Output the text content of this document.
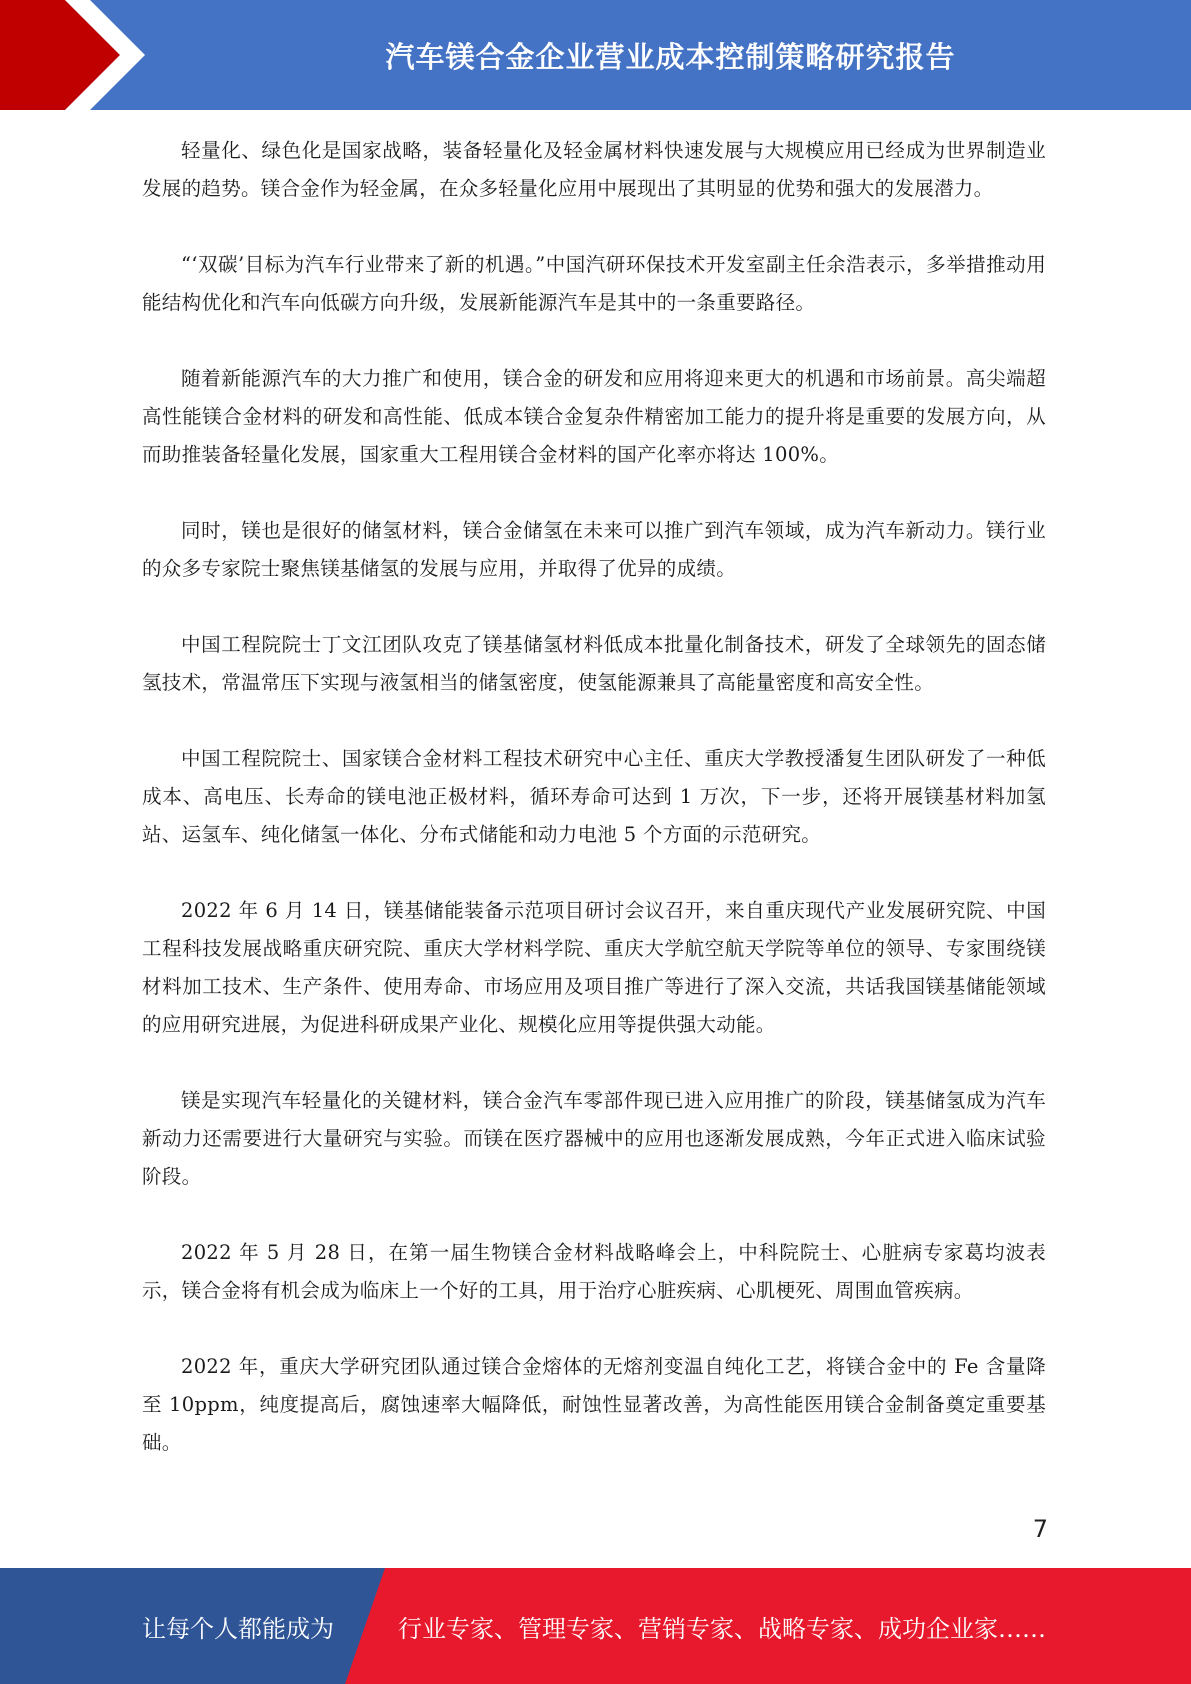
汽车镁合金企业营业成本控制策略研究报告

轻量化、绿色化是国家战略，装备轻量化及轻金属材料快速发展与大规模应用已经成为世界制造业发展的趋势。镁合金作为轻金属，在众多轻量化应用中展现出了其明显的优势和强大的发展潜力。

“‘双碳’目标为汽车行业带来了新的机遇。”中国汽研环保技术开发室副主任余浩表示，多举措推动用能结构优化和汽车向低碳方向升级，发展新能源汽车是其中的一条重要路径。

随着新能源汽车的大力推广和使用，镁合金的研发和应用将迎来更大的机遇和市场前景。高尖端超高性能镁合金材料的研发和高性能、低成本镁合金复杂件精密加工能力的提升将是重要的发展方向，从而助推装备轻量化发展，国家重大工程用镁合金材料的国产化率亦将达 100%。

同时，镁也是很好的储氢材料，镁合金储氢在未来可以推广到汽车领域，成为汽车新动力。镁行业的众多专家院士聚焦镁基储氢的发展与应用，并取得了优异的成绩。

中国工程院院士丁文江团队攻克了镁基储氢材料低成本批量化制备技术，研发了全球领先的固态储氢技术，常温常压下实现与液氢相当的储氢密度，使氢能源兼具了高能量密度和高安全性。

中国工程院院士、国家镁合金材料工程技术研究中心主任、重庆大学教授潘复生团队研发了一种低成本、高电压、长寿命的镁电池正极材料，循环寿命可达到 1 万次，下一步，还将开展镁基材料加氢站、运氢车、纯化储氢一体化、分布式储能和动力电池 5 个方面的示范研究。

2022 年 6 月 14 日，镁基储能装备示范项目研讨会议召开，来自重庆现代产业发展研究院、中国工程科技发展战略重庆研究院、重庆大学材料学院、重庆大学航空航天学院等单位的领导、专家围绕镁材料加工技术、生产条件、使用寿命、市场应用及项目推广等进行了深入交流，共话我国镁基储能领域的应用研究进展，为促进科研成果产业化、规模化应用等提供强大动能。

镁是实现汽车轻量化的关键材料，镁合金汽车零部件现已进入应用推广的阶段，镁基储氢成为汽车新动力还需要进行大量研究与实验。而镁在医疗器械中的应用也逐渐发展成熟，今年正式进入临床试验阶段。

2022 年 5 月 28 日，在第一届生物镁合金材料战略峰会上，中科院院士、心脏病专家葛均波表示，镁合金将有机会成为临床上一个好的工具，用于治疗心脏疾病、心肌梗死、周围血管疾病。

2022 年，重庆大学研究团队通过镁合金熔体的无熔剂变温自纯化工艺，将镁合金中的 Fe 含量降至 10ppm，纯度提高后，腐蚀速率大幅降低，耐蚀性显著改善，为高性能医用镁合金制备奠定重要基础。

7
让每个人都能成为	行业专家、管理专家、营销专家、战略专家、成功企业家……
